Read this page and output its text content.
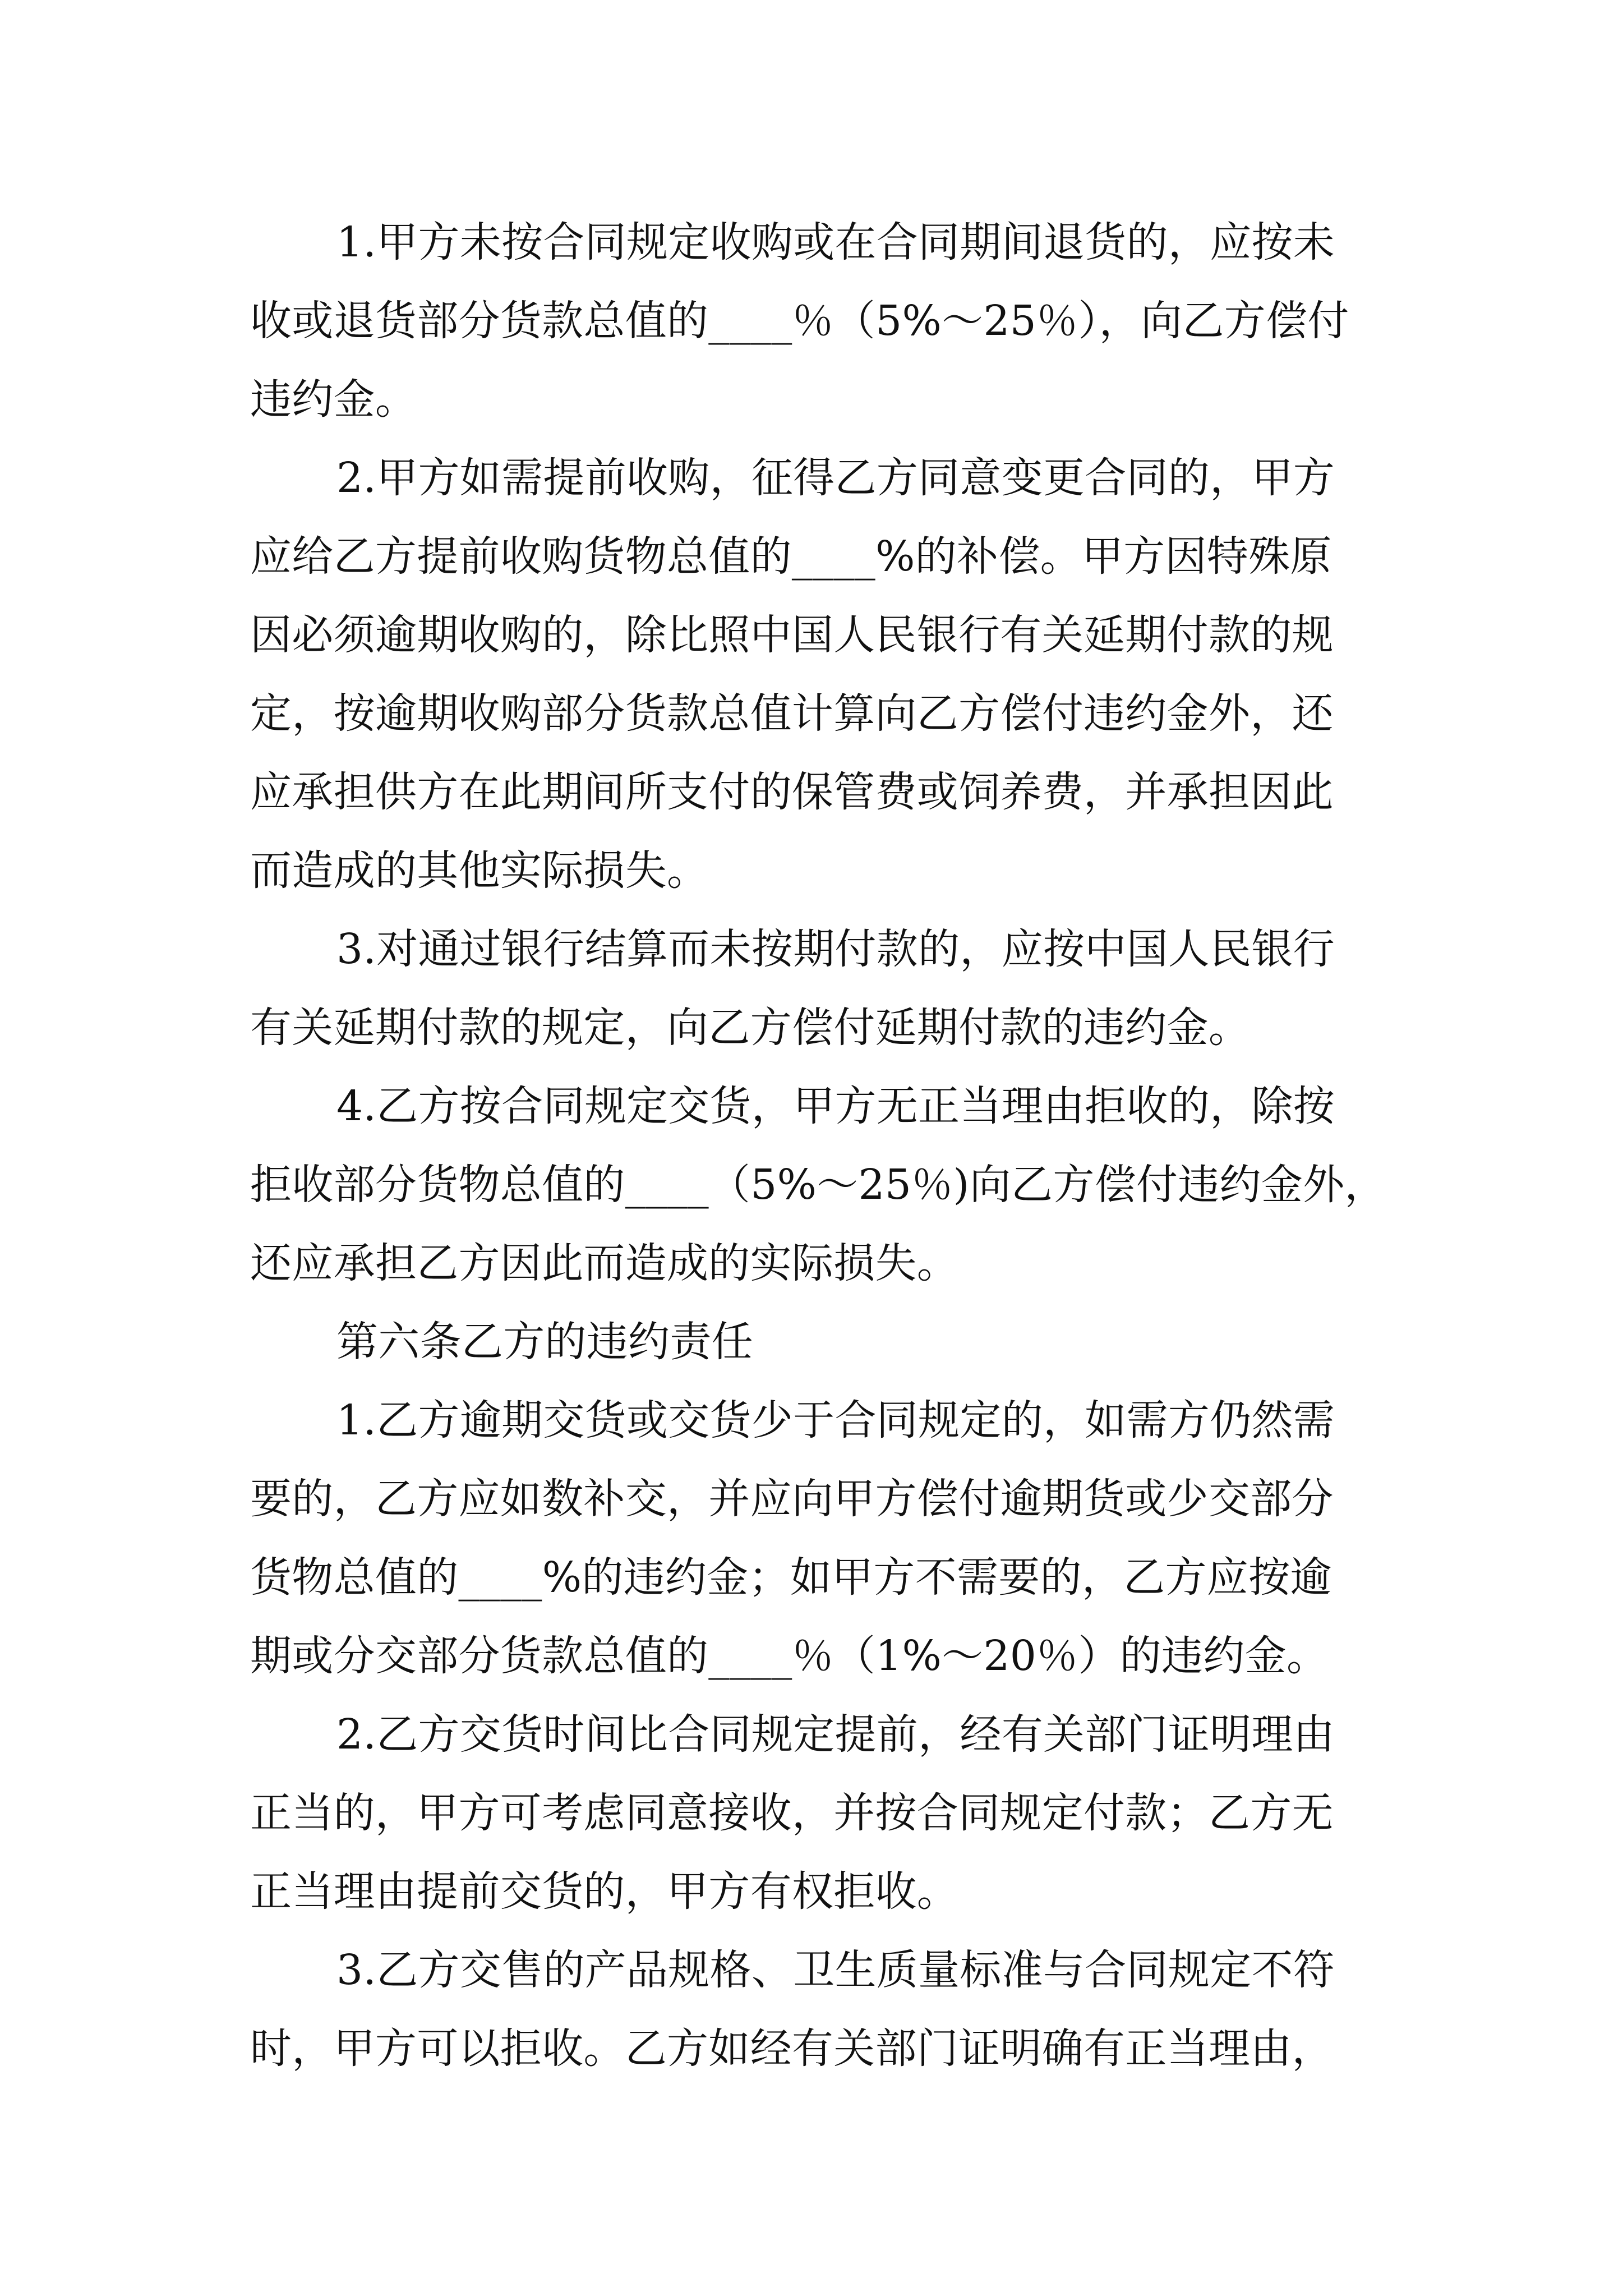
1.甲方未按合同规定收购或在合同期间退货的，应按未
收或退货部分货款总值的____％（5%～25％），向乙方偿付
违约金。
2.甲方如需提前收购，征得乙方同意变更合同的，甲方
应给乙方提前收购货物总值的____%的补偿。甲方因特殊原
因必须逾期收购的，除比照中国人民银行有关延期付款的规
定，按逾期收购部分货款总值计算向乙方偿付违约金外，还
应承担供方在此期间所支付的保管费或饲养费，并承担因此
而造成的其他实际损失。
3.对通过银行结算而未按期付款的，应按中国人民银行
有关延期付款的规定，向乙方偿付延期付款的违约金。
4.乙方按合同规定交货，甲方无正当理由拒收的，除按
拒收部分货物总值的____（5%～25％)向乙方偿付违约金外，
还应承担乙方因此而造成的实际损失。
第六条乙方的违约责任
1.乙方逾期交货或交货少于合同规定的，如需方仍然需
要的，乙方应如数补交，并应向甲方偿付逾期货或少交部分
货物总值的____%的违约金；如甲方不需要的，乙方应按逾
期或分交部分货款总值的____％（1%～20％）的违约金。
2.乙方交货时间比合同规定提前，经有关部门证明理由
正当的，甲方可考虑同意接收，并按合同规定付款；乙方无
正当理由提前交货的，甲方有权拒收。
3.乙方交售的产品规格、卫生质量标准与合同规定不符
时，甲方可以拒收。乙方如经有关部门证明确有正当理由，
